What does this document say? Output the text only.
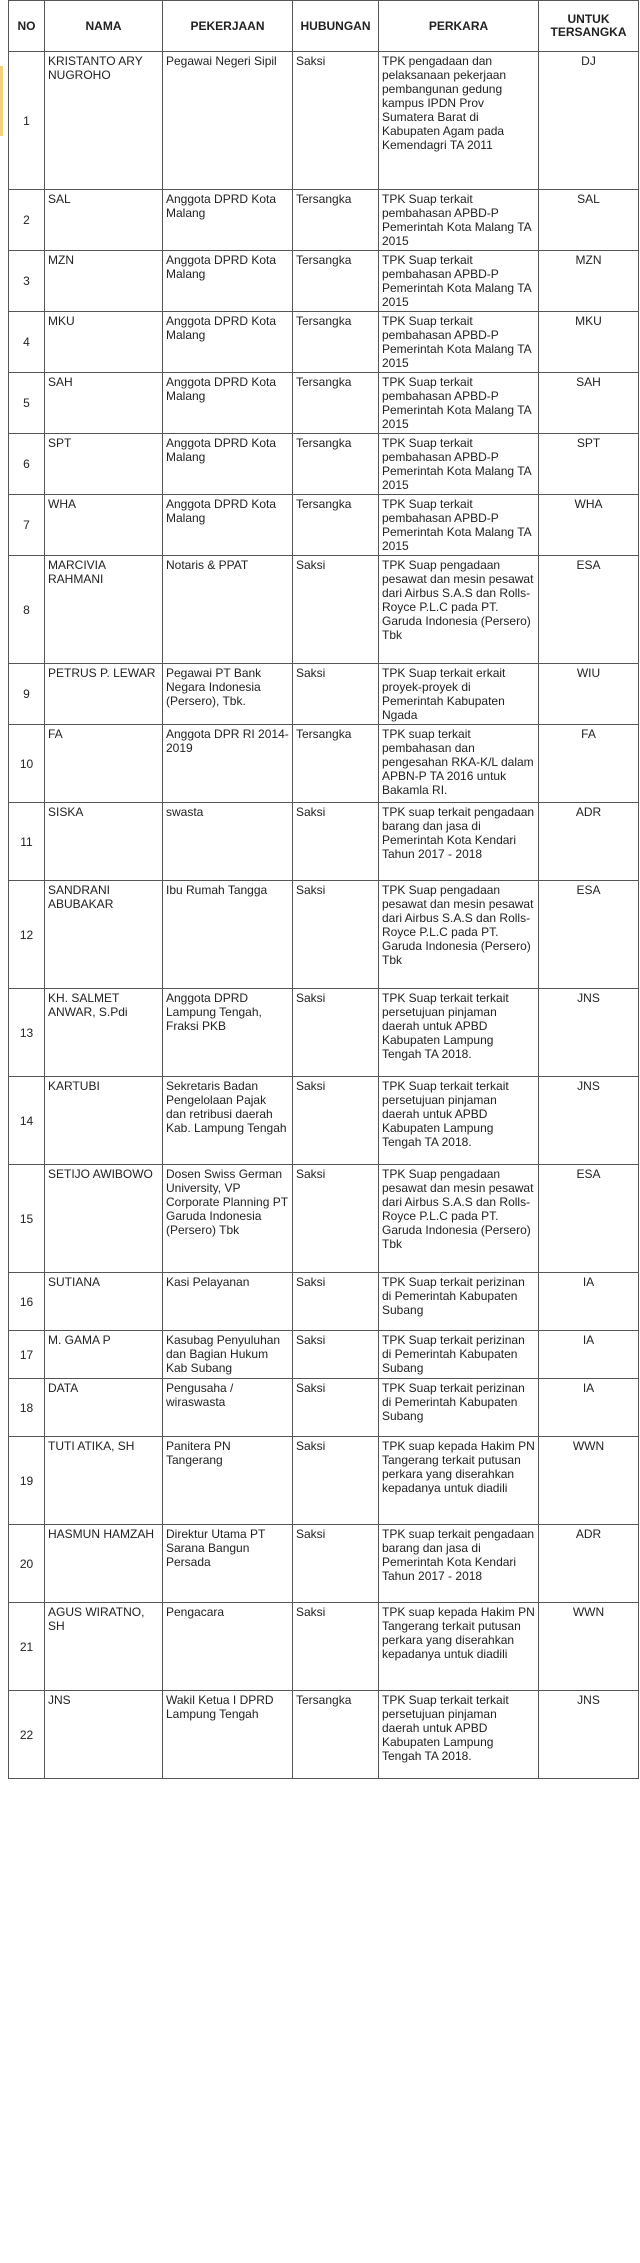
NO	NAMA	PEKERJAAN	HUBUNGAN	PERKARA	UNTUK TERSANGKA
1	KRISTANTO ARY NUGROHO	Pegawai Negeri Sipil	Saksi	TPK pengadaan dan pelaksanaan pekerjaan pembangunan gedung kampus IPDN Prov Sumatera Barat di Kabupaten Agam pada Kemendagri TA 2011	DJ
2	SAL	Anggota DPRD Kota Malang	Tersangka	TPK Suap terkait pembahasan APBD-P Pemerintah Kota Malang TA 2015	SAL
3	MZN	Anggota DPRD Kota Malang	Tersangka	TPK Suap terkait pembahasan APBD-P Pemerintah Kota Malang TA 2015	MZN
4	MKU	Anggota DPRD Kota Malang	Tersangka	TPK Suap terkait pembahasan APBD-P Pemerintah Kota Malang TA 2015	MKU
5	SAH	Anggota DPRD Kota Malang	Tersangka	TPK Suap terkait pembahasan APBD-P Pemerintah Kota Malang TA 2015	SAH
6	SPT	Anggota DPRD Kota Malang	Tersangka	TPK Suap terkait pembahasan APBD-P Pemerintah Kota Malang TA 2015	SPT
7	WHA	Anggota DPRD Kota Malang	Tersangka	TPK Suap terkait pembahasan APBD-P Pemerintah Kota Malang TA 2015	WHA
8	MARCIVIA RAHMANI	Notaris & PPAT	Saksi	TPK Suap pengadaan pesawat dan mesin pesawat dari Airbus S.A.S dan Rolls-Royce P.L.C pada PT. Garuda Indonesia (Persero) Tbk	ESA
9	PETRUS P. LEWAR	Pegawai PT Bank Negara Indonesia (Persero), Tbk.	Saksi	TPK Suap terkait erkait proyek-proyek di Pemerintah Kabupaten Ngada	WIU
10	FA	Anggota DPR RI 2014-2019	Tersangka	TPK suap terkait pembahasan dan pengesahan RKA-K/L dalam APBN-P TA 2016 untuk Bakamla RI.	FA
11	SISKA	swasta	Saksi	TPK suap terkait pengadaan barang dan jasa di Pemerintah Kota Kendari Tahun 2017 - 2018	ADR
12	SANDRANI ABUBAKAR	Ibu Rumah Tangga	Saksi	TPK Suap pengadaan pesawat dan mesin pesawat dari Airbus S.A.S dan Rolls-Royce P.L.C pada PT. Garuda Indonesia (Persero) Tbk	ESA
13	KH. SALMET ANWAR, S.Pdi	Anggota DPRD Lampung Tengah, Fraksi PKB	Saksi	TPK Suap terkait terkait persetujuan pinjaman daerah untuk APBD Kabupaten Lampung Tengah TA 2018.	JNS
14	KARTUBI	Sekretaris Badan Pengelolaan Pajak dan retribusi daerah Kab. Lampung Tengah	Saksi	TPK Suap terkait terkait persetujuan pinjaman daerah untuk APBD Kabupaten Lampung Tengah TA 2018.	JNS
15	SETIJO AWIBOWO	Dosen Swiss German University, VP Corporate Planning PT Garuda Indonesia (Persero) Tbk	Saksi	TPK Suap pengadaan pesawat dan mesin pesawat dari Airbus S.A.S dan Rolls-Royce P.L.C pada PT. Garuda Indonesia (Persero) Tbk	ESA
16	SUTIANA	Kasi Pelayanan	Saksi	TPK Suap terkait perizinan di Pemerintah Kabupaten Subang	IA
17	M. GAMA P	Kasubag Penyuluhan dan Bagian Hukum Kab Subang	Saksi	TPK Suap terkait perizinan di Pemerintah Kabupaten Subang	IA
18	DATA	Pengusaha / wiraswasta	Saksi	TPK Suap terkait perizinan di Pemerintah Kabupaten Subang	IA
19	TUTI ATIKA, SH	Panitera PN Tangerang	Saksi	TPK suap kepada Hakim PN Tangerang terkait putusan perkara yang diserahkan kepadanya untuk diadili	WWN
20	HASMUN HAMZAH	Direktur Utama PT Sarana Bangun Persada	Saksi	TPK suap terkait pengadaan barang dan jasa di Pemerintah Kota Kendari Tahun 2017 - 2018	ADR
21	AGUS WIRATNO, SH	Pengacara	Saksi	TPK suap kepada Hakim PN Tangerang terkait putusan perkara yang diserahkan kepadanya untuk diadili	WWN
22	JNS	Wakil Ketua I DPRD Lampung Tengah	Tersangka	TPK Suap terkait terkait persetujuan pinjaman daerah untuk APBD Kabupaten Lampung Tengah TA 2018.	JNS
